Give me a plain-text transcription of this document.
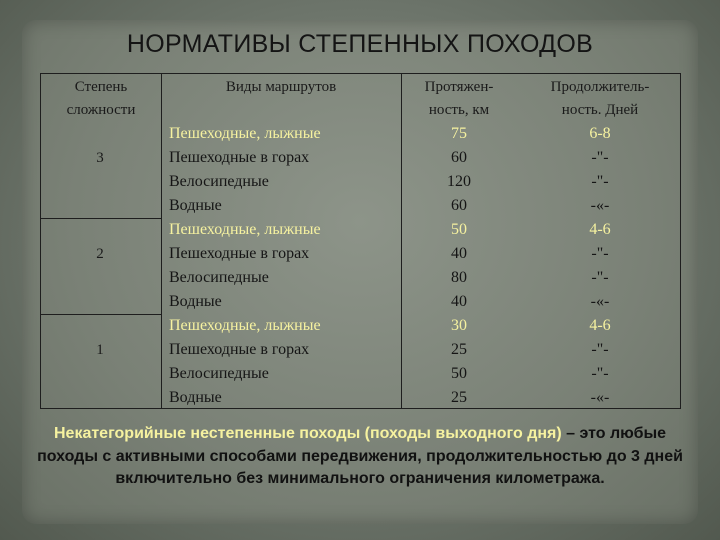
НОРМАТИВЫ СТЕПЕННЫХ ПОХОДОВ
Степень
сложности
Виды маршрутов	Протяжен-
ность, км
Продолжитель-
ность. Дней
3
2
1
Пешеходные, лыжные
Пешеходные в горах
Велосипедные
Водные
Пешеходные, лыжные
Пешеходные в горах
Велосипедные
Водные
Пешеходные, лыжные
Пешеходные в горах
Велосипедные
Водные
75
60
120
60
50
40
80
40
30
25
50
25
6-8
-"-
-"-
-«-
4-6
-"-
-"-
-«-
4-6
-"-
-"-
-«-
Некатегорийные нестепенные походы (походы выходного дня) – это любые походы с активными способами передвижения, продолжительностью до 3 дней включительно без минимального ограничения километража.
